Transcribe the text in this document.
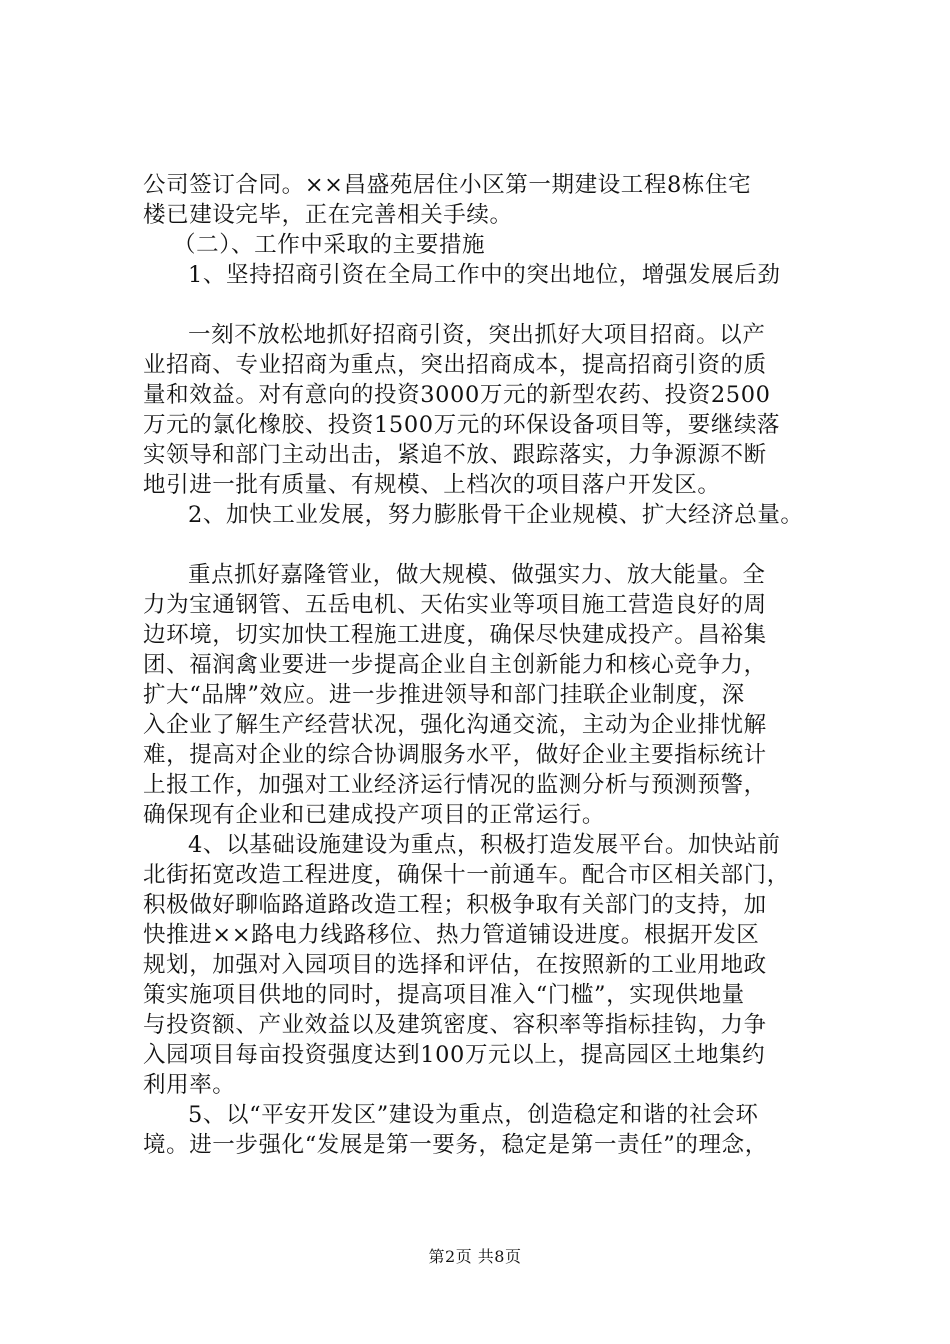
公司签订合同。××昌盛苑居住小区第一期建设工程8栋住宅
楼已建设完毕，正在完善相关手续。
（二）、工作中采取的主要措施
1、坚持招商引资在全局工作中的突出地位，增强发展后劲
一刻不放松地抓好招商引资，突出抓好大项目招商。以产
业招商、专业招商为重点，突出招商成本，提高招商引资的质
量和效益。对有意向的投资3000万元的新型农药、投资2500
万元的氯化橡胶、投资1500万元的环保设备项目等，要继续落
实领导和部门主动出击，紧追不放、跟踪落实，力争源源不断
地引进一批有质量、有规模、上档次的项目落户开发区。
2、加快工业发展，努力膨胀骨干企业规模、扩大经济总量。
重点抓好嘉隆管业，做大规模、做强实力、放大能量。全
力为宝通钢管、五岳电机、天佑实业等项目施工营造良好的周
边环境，切实加快工程施工进度，确保尽快建成投产。昌裕集
团、福润禽业要进一步提高企业自主创新能力和核心竞争力，
扩大“品牌”效应。进一步推进领导和部门挂联企业制度，深
入企业了解生产经营状况，强化沟通交流，主动为企业排忧解
难，提高对企业的综合协调服务水平，做好企业主要指标统计
上报工作，加强对工业经济运行情况的监测分析与预测预警，
确保现有企业和已建成投产项目的正常运行。
4、以基础设施建设为重点，积极打造发展平台。加快站前
北街拓宽改造工程进度，确保十一前通车。配合市区相关部门，
积极做好聊临路道路改造工程；积极争取有关部门的支持，加
快推进××路电力线路移位、热力管道铺设进度。根据开发区
规划，加强对入园项目的选择和评估，在按照新的工业用地政
策实施项目供地的同时，提高项目准入“门槛”，实现供地量
与投资额、产业效益以及建筑密度、容积率等指标挂钩，力争
入园项目每亩投资强度达到100万元以上，提高园区土地集约
利用率。
5、以“平安开发区”建设为重点，创造稳定和谐的社会环
境。进一步强化“发展是第一要务，稳定是第一责任”的理念，
第2页 共8页
